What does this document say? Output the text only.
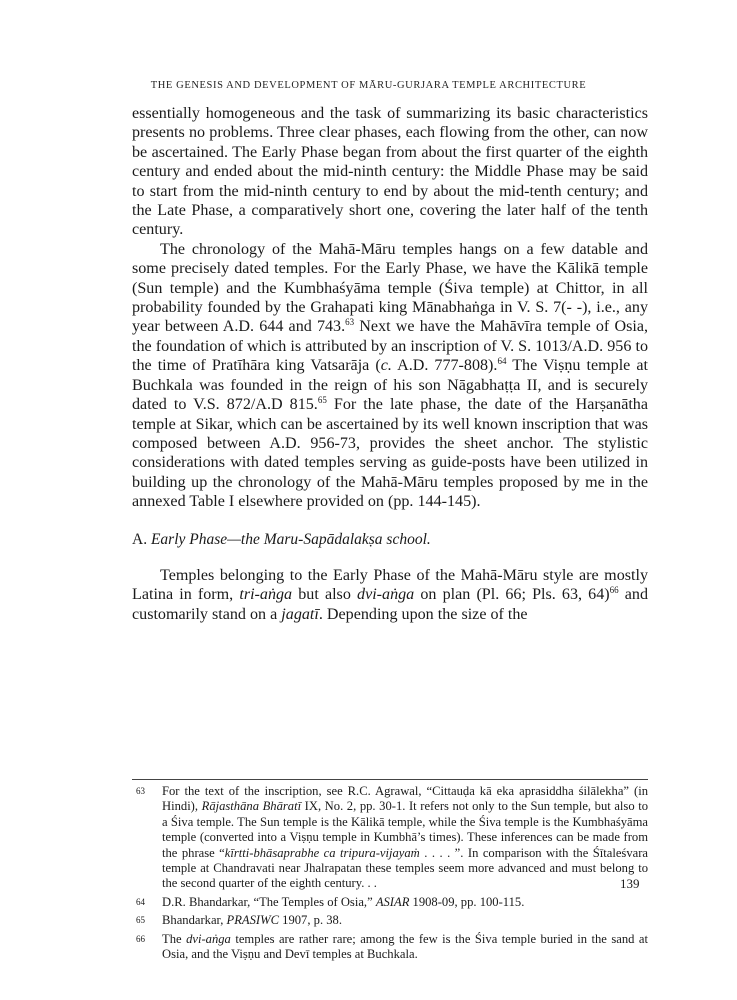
THE GENESIS AND DEVELOPMENT OF MĀRU-GURJARA TEMPLE ARCHITECTURE

essentially homogeneous and the task of summarizing its basic characteristics presents no problems. Three clear phases, each flowing from the other, can now be ascertained. The Early Phase began from about the first quarter of the eighth century and ended about the mid-ninth century: the Middle Phase may be said to start from the mid-ninth century to end by about the mid-tenth century; and the Late Phase, a comparatively short one, covering the later half of the tenth century.

The chronology of the Mahā-Māru temples hangs on a few datable and some precisely dated temples. For the Early Phase, we have the Kālikā temple (Sun temple) and the Kumbhaśyāma temple (Śiva temple) at Chittor, in all probability founded by the Grahapati king Mānabhaṅga in V. S. 7(- -), i.e., any year between A.D. 644 and 743.63 Next we have the Mahāvīra temple of Osia, the foundation of which is attributed by an inscription of V. S. 1013/A.D. 956 to the time of Pratīhāra king Vatsarāja (c. A.D. 777-808).$^{64}$ The Viṣṇu temple at Buchkala was founded in the reign of his son Nāgabhaṭṭa II, and is securely dated to V.S. 872/A.D 815.65 For the late phase, the date of the Harṣanātha temple at Sikar, which can be ascertained by its well known inscription that was composed between A.D. 956-73, provides the sheet anchor. The stylistic considerations with dated temples serving as guide-posts have been utilized in building up the chronology of the Mahā-Māru temples proposed by me in the annexed Table I elsewhere provided on (pp. 144-145).

A. Early Phase—the Maru-Sapādalakṣa school.

Temples belonging to the Early Phase of the Mahā-Māru style are mostly Latina in form, tri-aṅga but also dvi-aṅga on plan (Pl. 66; Pls. 63, 64)$^{66}$ and customarily stand on a jagatī. Depending upon the size of the

63 For the text of the inscription, see R.C. Agrawal, “Cittauḍa kā eka aprasiddha śilālekha” (in Hindi), Rājasthāna Bhāratī IX, No. 2, pp. 30-1. It refers not only to the Sun temple, but also to a Śiva temple. The Sun temple is the Kālikā temple, while the Śiva temple is the Kumbhaśyāma temple (converted into a Viṣṇu temple in Kumbhā’s times). These inferences can be made from the phrase “kīrtti-bhāsaprabhe ca tripura-vijayaṁ . . . . ”. In comparison with the Śītaleśvara temple at Chandravati near Jhalrapatan these temples seem more advanced and must belong to the second quarter of the eighth century. . .
64 D.R. Bhandarkar, “The Temples of Osia,” ASIAR 1908-09, pp. 100-115.
65 Bhandarkar, PRASIWC 1907, p. 38.
66 The dvi-aṅga temples are rather rare; among the few is the Śiva temple buried in the sand at Osia, and the Viṣṇu and Devī temples at Buchkala.
139
